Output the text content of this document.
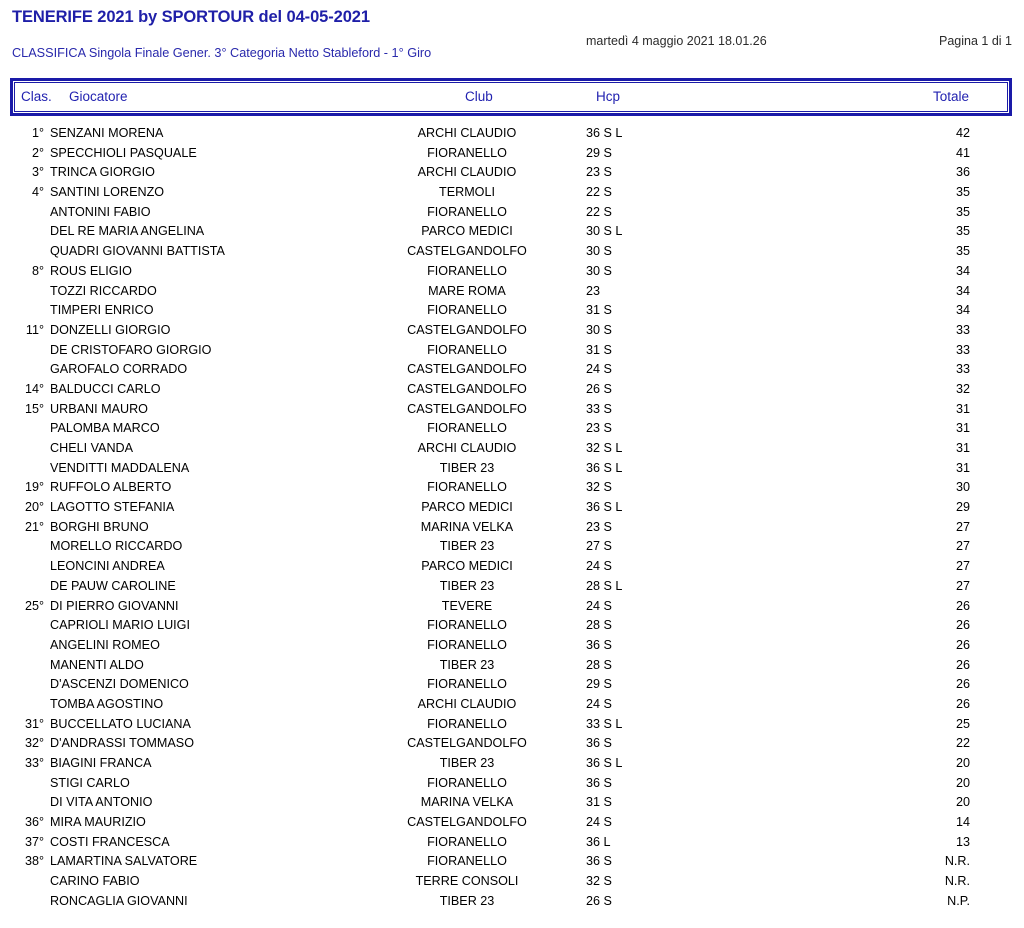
TENERIFE 2021 by SPORTOUR del 04-05-2021
martedì 4 maggio 2021 18.01.26	Pagina 1 di 1
CLASSIFICA Singola Finale Gener. 3° Categoria Netto Stableford - 1° Giro
Clas. Giocatore	Club	Hcp	Totale
1° SENZANI MORENA	ARCHI CLAUDIO	36 S L	42
2° SPECCHIOLI PASQUALE	FIORANELLO	29 S	41
3° TRINCA GIORGIO	ARCHI CLAUDIO	23 S	36
4° SANTINI LORENZO	TERMOLI	22 S	35
ANTONINI FABIO	FIORANELLO	22 S	35
DEL RE MARIA ANGELINA	PARCO MEDICI	30 S L	35
QUADRI GIOVANNI BATTISTA	CASTELGANDOLFO	30 S	35
8° ROUS ELIGIO	FIORANELLO	30 S	34
TOZZI RICCARDO	MARE ROMA	23	34
TIMPERI ENRICO	FIORANELLO	31 S	34
11° DONZELLI GIORGIO	CASTELGANDOLFO	30 S	33
DE CRISTOFARO GIORGIO	FIORANELLO	31 S	33
GAROFALO CORRADO	CASTELGANDOLFO	24 S	33
14° BALDUCCI CARLO	CASTELGANDOLFO	26 S	32
15° URBANI MAURO	CASTELGANDOLFO	33 S	31
PALOMBA MARCO	FIORANELLO	23 S	31
CHELI VANDA	ARCHI CLAUDIO	32 S L	31
VENDITTI MADDALENA	TIBER 23	36 S L	31
19° RUFFOLO ALBERTO	FIORANELLO	32 S	30
20° LAGOTTO STEFANIA	PARCO MEDICI	36 S L	29
21° BORGHI BRUNO	MARINA VELKA	23 S	27
MORELLO RICCARDO	TIBER 23	27 S	27
LEONCINI ANDREA	PARCO MEDICI	24 S	27
DE PAUW CAROLINE	TIBER 23	28 S L	27
25° DI PIERRO GIOVANNI	TEVERE	24 S	26
CAPRIOLI MARIO LUIGI	FIORANELLO	28 S	26
ANGELINI ROMEO	FIORANELLO	36 S	26
MANENTI ALDO	TIBER 23	28 S	26
D'ASCENZI DOMENICO	FIORANELLO	29 S	26
TOMBA AGOSTINO	ARCHI CLAUDIO	24 S	26
31° BUCCELLATO LUCIANA	FIORANELLO	33 S L	25
32° D'ANDRASSI TOMMASO	CASTELGANDOLFO	36 S	22
33° BIAGINI FRANCA	TIBER 23	36 S L	20
STIGI CARLO	FIORANELLO	36 S	20
DI VITA ANTONIO	MARINA VELKA	31 S	20
36° MIRA MAURIZIO	CASTELGANDOLFO	24 S	14
37° COSTI FRANCESCA	FIORANELLO	36 L	13
38° LAMARTINA SALVATORE	FIORANELLO	36 S	N.R.
CARINO FABIO	TERRE CONSOLI	32 S	N.R.
RONCAGLIA GIOVANNI	TIBER 23	26 S	N.P.
